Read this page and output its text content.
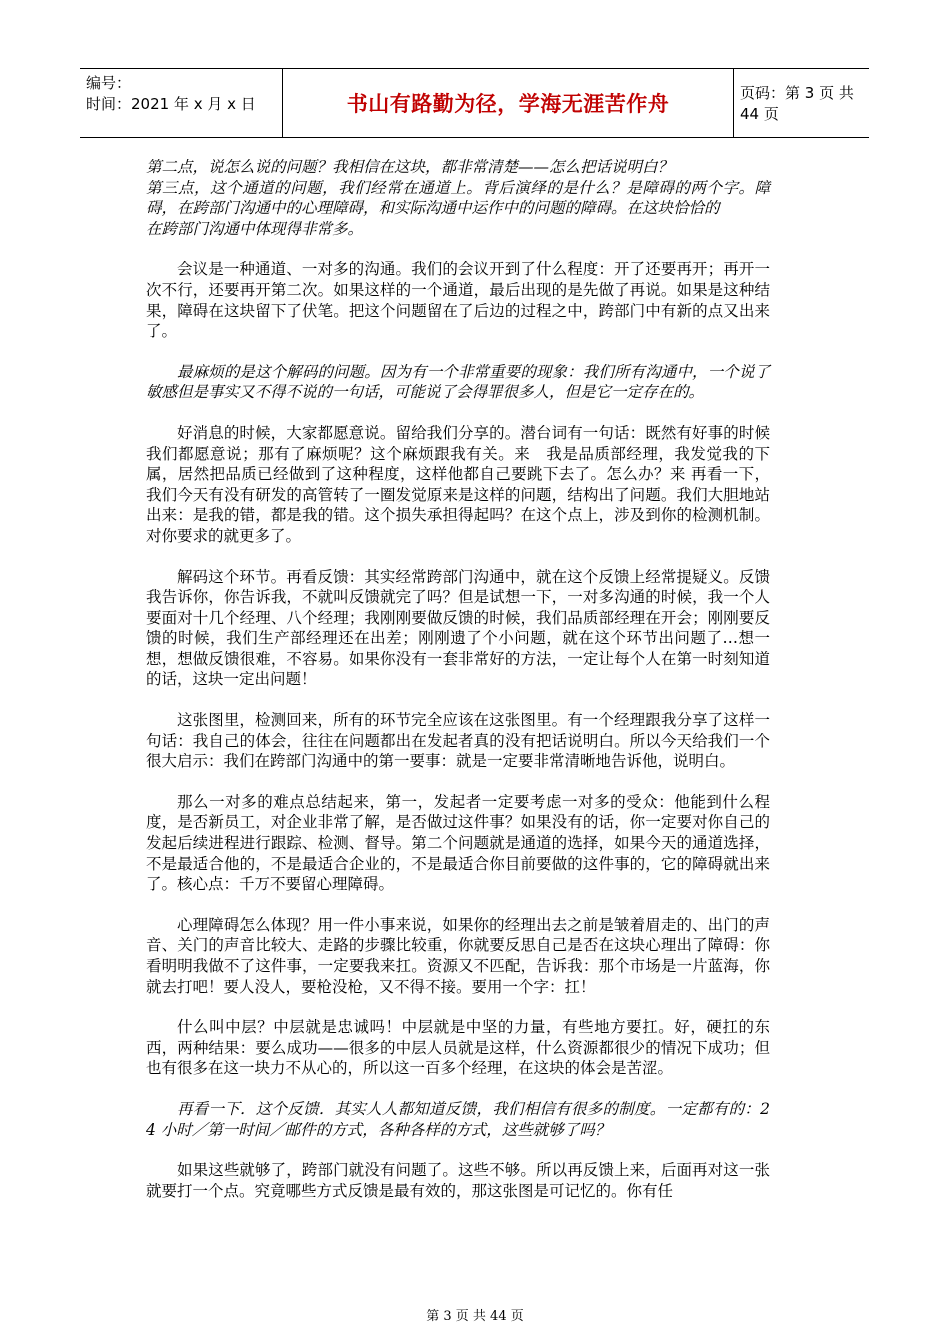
编号：
时间：2021 年 x 月 x 日	书山有路勤为径，学海无涯苦作舟	页码：第 3 页 共 44 页

第二点，说怎么说的问题？我相信在这块，都非常清楚——怎么把话说明白？

第三点，这个通道的问题，我们经常在通道上。背后演绎的是什么？是障碍的两个字。障碍，在跨部门沟通中的心理障碍，和实际沟通中运作中的问题的障碍。在这块恰恰的

在跨部门沟通中体现得非常多。

会议是一种通道、一对多的沟通。我们的会议开到了什么程度：开了还要再开；再开一次不行，还要再开第二次。如果这样的一个通道，最后出现的是先做了再说。如果是这种结果，障碍在这块留下了伏笔。把这个问题留在了后边的过程之中，跨部门中有新的点又出来了。

最麻烦的是这个解码的问题。因为有一个非常重要的现象：我们所有沟通中，一个说了敏感但是事实又不得不说的一句话，可能说了会得罪很多人，但是它一定存在的。

好消息的时候，大家都愿意说。留给我们分享的。潜台词有一句话：既然有好事的时候我们都愿意说；那有了麻烦呢？这个麻烦跟我有关。来　我是品质部经理，我发觉我的下属，居然把品质已经做到了这种程度，这样他都自己要跳下去了。怎么办？来 再看一下，我们今天有没有研发的高管转了一圈发觉原来是这样的问题，结构出了问题。我们大胆地站出来：是我的错，都是我的错。这个损失承担得起吗？在这个点上，涉及到你的检测机制。对你要求的就更多了。

解码这个环节。再看反馈：其实经常跨部门沟通中，就在这个反馈上经常提疑义。反馈我告诉你，你告诉我，不就叫反馈就完了吗？但是试想一下，一对多沟通的时候，我一个人要面对十几个经理、八个经理；我刚刚要做反馈的时候，我们品质部经理在开会；刚刚要反馈的时候，我们生产部经理还在出差；刚刚遗了个小问题，就在这个环节出问题了…想一想，想做反馈很难，不容易。如果你没有一套非常好的方法，一定让每个人在第一时刻知道的话，这块一定出问题！

这张图里，检测回来，所有的环节完全应该在这张图里。有一个经理跟我分享了这样一句话：我自己的体会，往往在问题都出在发起者真的没有把话说明白。所以今天给我们一个很大启示：我们在跨部门沟通中的第一要事：就是一定要非常清晰地告诉他，说明白。

那么一对多的难点总结起来，第一，发起者一定要考虑一对多的受众：他能到什么程度，是否新员工，对企业非常了解，是否做过这件事？如果没有的话，你一定要对你自己的发起后续进程进行跟踪、检测、督导。第二个问题就是通道的选择，如果今天的通道选择，不是最适合他的，不是最适合企业的，不是最适合你目前要做的这件事的，它的障碍就出来了。核心点：千万不要留心理障碍。

心理障碍怎么体现？用一件小事来说，如果你的经理出去之前是皱着眉走的、出门的声音、关门的声音比较大、走路的步骤比较重，你就要反思自己是否在这块心理出了障碍：你看明明我做不了这件事，一定要我来扛。资源又不匹配，告诉我：那个市场是一片蓝海，你就去打吧！要人没人，要枪没枪，又不得不接。要用一个字：扛！

什么叫中层？中层就是忠诚吗！中层就是中坚的力量，有些地方要扛。好，硬扛的东西，两种结果：要么成功——很多的中层人员就是这样，什么资源都很少的情况下成功；但也有很多在这一块力不从心的，所以这一百多个经理，在这块的体会是苦涩。

再看一下．这个反馈．其实人人都知道反馈，我们相信有很多的制度。一定都有的：24 小时／第一时间／邮件的方式，各种各样的方式，这些就够了吗？

如果这些就够了，跨部门就没有问题了。这些不够。所以再反馈上来，后面再对这一张就要打一个点。究竟哪些方式反馈是最有效的，那这张图是可记忆的。你有任

第 3 页 共 44 页
